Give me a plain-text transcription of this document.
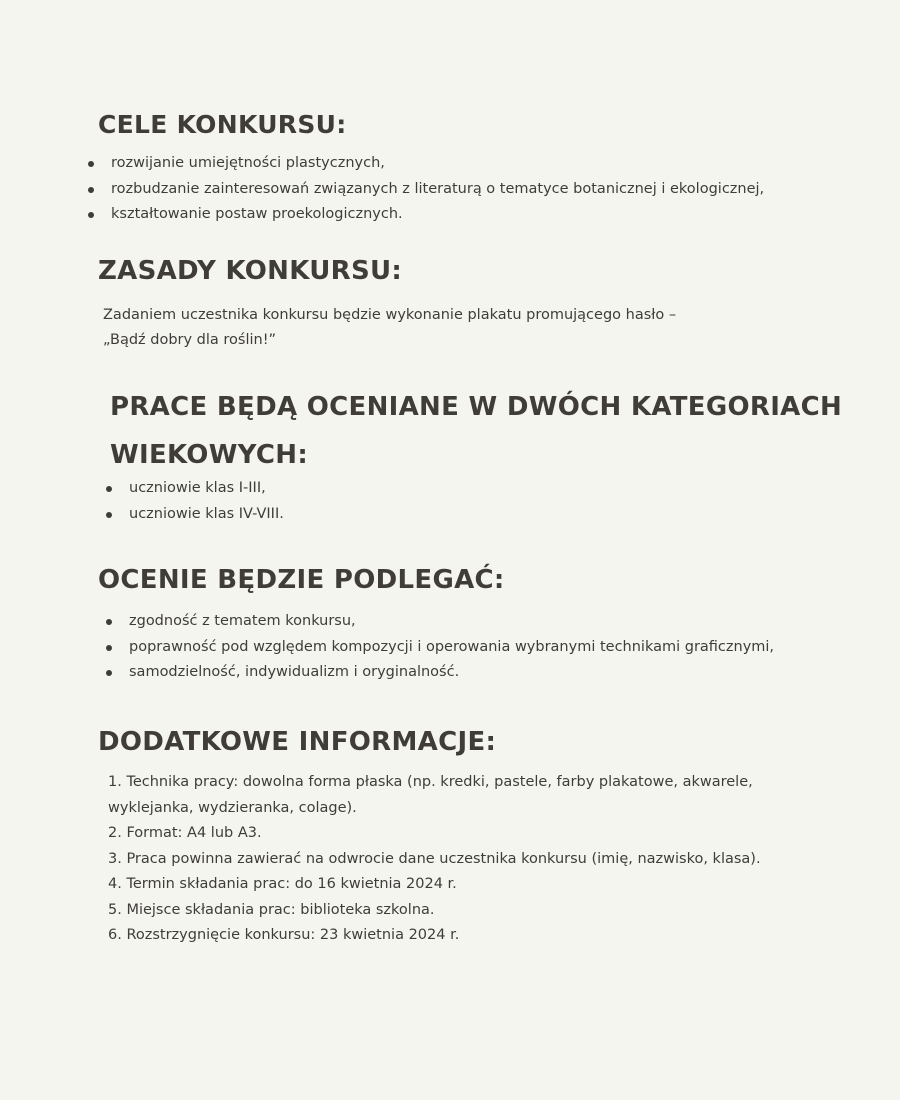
CELE KONKURSU:
rozwijanie umiejętności plastycznych,
rozbudzanie zainteresowań związanych z literaturą o tematyce botanicznej i ekologicznej,
kształtowanie postaw proekologicznych.
ZASADY KONKURSU:

Zadaniem uczestnika konkursu będzie wykonanie plakatu promującego hasło –

„Bądź dobry dla roślin!”

PRACE BĘDĄ OCENIANE W DWÓCH KATEGORIACH
WIEKOWYCH:
uczniowie klas I-III,
uczniowie klas IV-VIII.
OCENIE BĘDZIE PODLEGAĆ:
zgodność z tematem konkursu,
poprawność pod względem kompozycji i operowania wybranymi technikami graficznymi,
samodzielność, indywidualizm i oryginalność.
DODATKOWE INFORMACJE:
1. Technika pracy: dowolna forma płaska (np. kredki, pastele, farby plakatowe, akwarele,
wyklejanka, wydzieranka, colage).
2. Format: A4 lub A3.
3. Praca powinna zawierać na odwrocie dane uczestnika konkursu (imię, nazwisko, klasa).
4. Termin składania prac: do 16 kwietnia 2024 r.
5. Miejsce składania prac: biblioteka szkolna.
6. Rozstrzygnięcie konkursu: 23 kwietnia 2024 r.
